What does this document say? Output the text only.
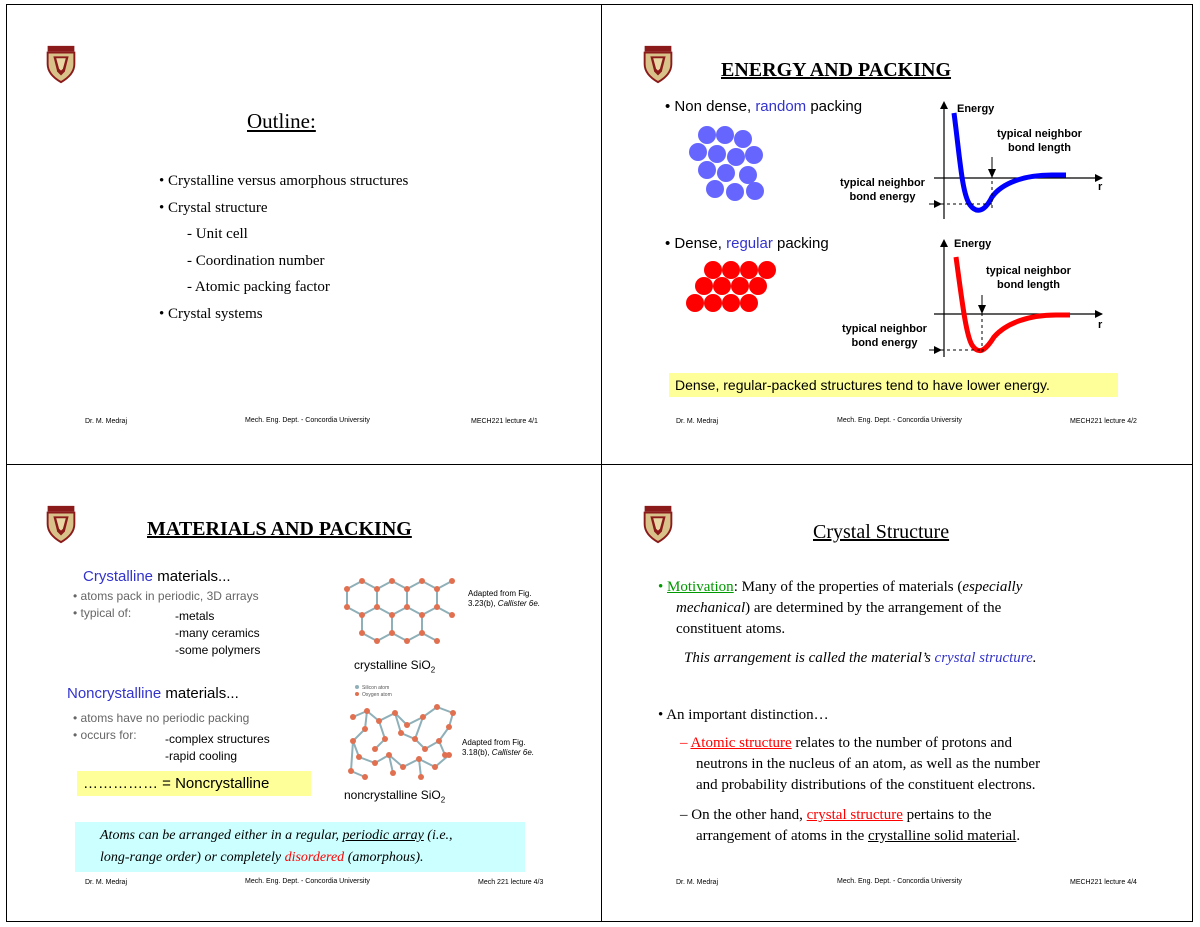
Outline:
• Crystalline versus amorphous structures
• Crystal structure
- Unit cell
- Coordination number
- Atomic packing factor
• Crystal systems
Dr. M. Medraj	Mech. Eng. Dept. - Concordia University	MECH221 lecture 4/1
ENERGY AND PACKING
• Non dense, random packing	Energy
r
typical neighbor
bond length
typical neighbor
bond energy
• Dense, regular packing	Energy
r
typical neighbor
bond length
typical neighbor
bond energy
Dense, regular-packed structures tend to have lower energy.
Dr. M. Medraj	Mech. Eng. Dept. - Concordia University	MECH221 lecture 4/2
MATERIALS AND PACKING
Crystalline materials...
• atoms pack in periodic, 3D arrays
• typical of:	-metals
-many ceramics
-some polymers
crystalline SiO$_2$
Adapted from Fig.
3.23(b), Callister 6e.
Noncrystalline materials...
• atoms have no periodic packing
• occurs for:	-complex structures
-rapid cooling
Silicon atom
Oxygen atom
noncrystalline SiO$_2$
Adapted from Fig.
3.18(b), Callister 6e.
…………… = Noncrystalline
Atoms can be arranged either in a regular, periodic array (i.e.,
long-range order) or completely disordered (amorphous).
Dr. M. Medraj	Mech. Eng. Dept. - Concordia University	Mech 221 lecture 4/3
Crystal Structure
• Motivation: Many of the properties of materials (especially
mechanical) are determined by the arrangement of the
constituent atoms.
This arrangement is called the material’s crystal structure.
• An important distinction…
– Atomic structure relates to the number of protons and
neutrons in the nucleus of an atom, as well as the number
and probability distributions of the constituent electrons.
– On the other hand, crystal structure pertains to the
arrangement of atoms in the crystalline solid material.
Dr. M. Medraj	Mech. Eng. Dept. - Concordia University	MECH221 lecture 4/4
